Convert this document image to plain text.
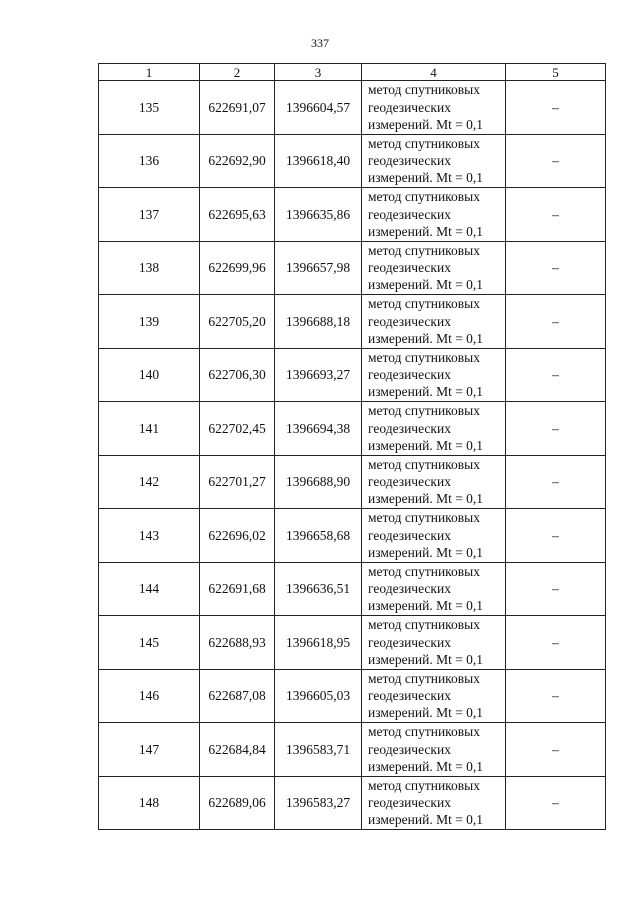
337
1	2	3	4	5
135	622691,07	1396604,57	метод спутниковых
геодезических
измерений. Mt = 0,1	–
136	622692,90	1396618,40	метод спутниковых
геодезических
измерений. Mt = 0,1	–
137	622695,63	1396635,86	метод спутниковых
геодезических
измерений. Mt = 0,1	–
138	622699,96	1396657,98	метод спутниковых
геодезических
измерений. Mt = 0,1	–
139	622705,20	1396688,18	метод спутниковых
геодезических
измерений. Mt = 0,1	–
140	622706,30	1396693,27	метод спутниковых
геодезических
измерений. Mt = 0,1	–
141	622702,45	1396694,38	метод спутниковых
геодезических
измерений. Mt = 0,1	–
142	622701,27	1396688,90	метод спутниковых
геодезических
измерений. Mt = 0,1	–
143	622696,02	1396658,68	метод спутниковых
геодезических
измерений. Mt = 0,1	–
144	622691,68	1396636,51	метод спутниковых
геодезических
измерений. Mt = 0,1	–
145	622688,93	1396618,95	метод спутниковых
геодезических
измерений. Mt = 0,1	–
146	622687,08	1396605,03	метод спутниковых
геодезических
измерений. Mt = 0,1	–
147	622684,84	1396583,71	метод спутниковых
геодезических
измерений. Mt = 0,1	–
148	622689,06	1396583,27	метод спутниковых
геодезических
измерений. Mt = 0,1	–
